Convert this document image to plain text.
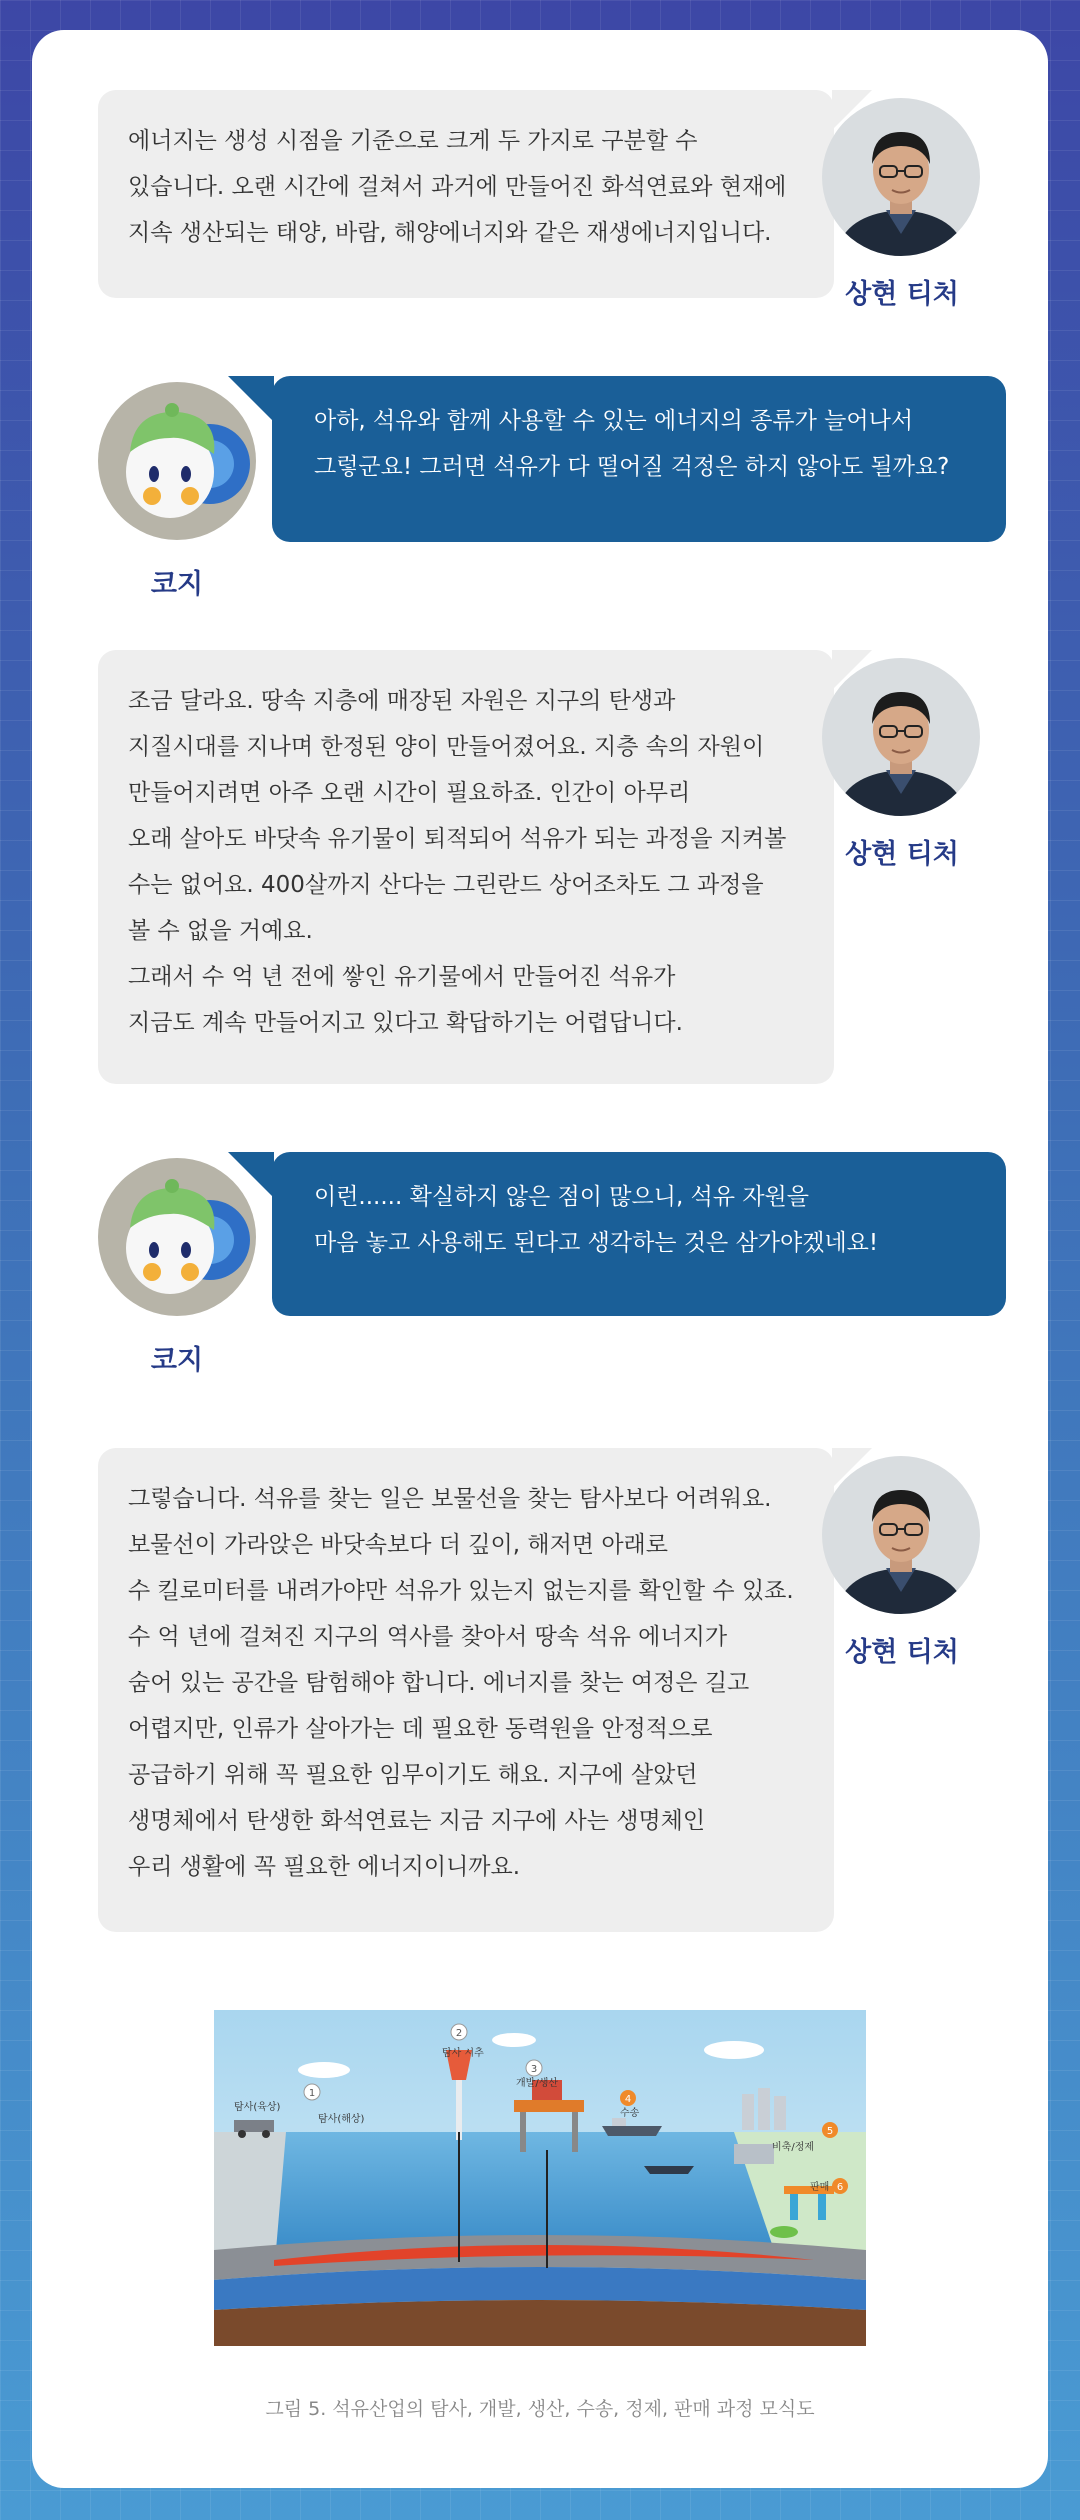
에너지는 생성 시점을 기준으로 크게 두 가지로 구분할 수
있습니다. 오랜 시간에 걸쳐서 과거에 만들어진 화석연료와 현재에
지속 생산되는 태양, 바람, 해양에너지와 같은 재생에너지입니다.
상현 티처
코지
아하, 석유와 함께 사용할 수 있는 에너지의 종류가 늘어나서
그렇군요! 그러면 석유가 다 떨어질 걱정은 하지 않아도 될까요?
조금 달라요. 땅속 지층에 매장된 자원은 지구의 탄생과
지질시대를 지나며 한정된 양이 만들어졌어요. 지층 속의 자원이
만들어지려면 아주 오랜 시간이 필요하죠. 인간이 아무리
오래 살아도 바닷속 유기물이 퇴적되어 석유가 되는 과정을 지켜볼
수는 없어요. 400살까지 산다는 그린란드 상어조차도 그 과정을
볼 수 없을 거예요.
그래서 수 억 년 전에 쌓인 유기물에서 만들어진 석유가
지금도 계속 만들어지고 있다고 확답하기는 어렵답니다.
상현 티처
코지
이런...... 확실하지 않은 점이 많으니, 석유 자원을
마음 놓고 사용해도 된다고 생각하는 것은 삼가야겠네요!
그렇습니다. 석유를 찾는 일은 보물선을 찾는 탐사보다 어려워요.
보물선이 가라앉은 바닷속보다 더 깊이, 해저면 아래로
수 킬로미터를 내려가야만 석유가 있는지 없는지를 확인할 수 있죠.
수 억 년에 걸쳐진 지구의 역사를 찾아서 땅속 석유 에너지가
숨어 있는 공간을 탐험해야 합니다. 에너지를 찾는 여정은 길고
어렵지만, 인류가 살아가는 데 필요한 동력원을 안정적으로
공급하기 위해 꼭 필요한 임무이기도 해요. 지구에 살았던
생명체에서 탄생한 화석연료는 지금 지구에 사는 생명체인
우리 생활에 꼭 필요한 에너지이니까요.
상현 티처
1
2
3
4
5
6
탐사(육상)
탐사(해상)
탐사 시추
개발/생산
수송
비축/정제
판매
그림 5. 석유산업의 탐사, 개발, 생산, 수송, 정제, 판매 과정 모식도
